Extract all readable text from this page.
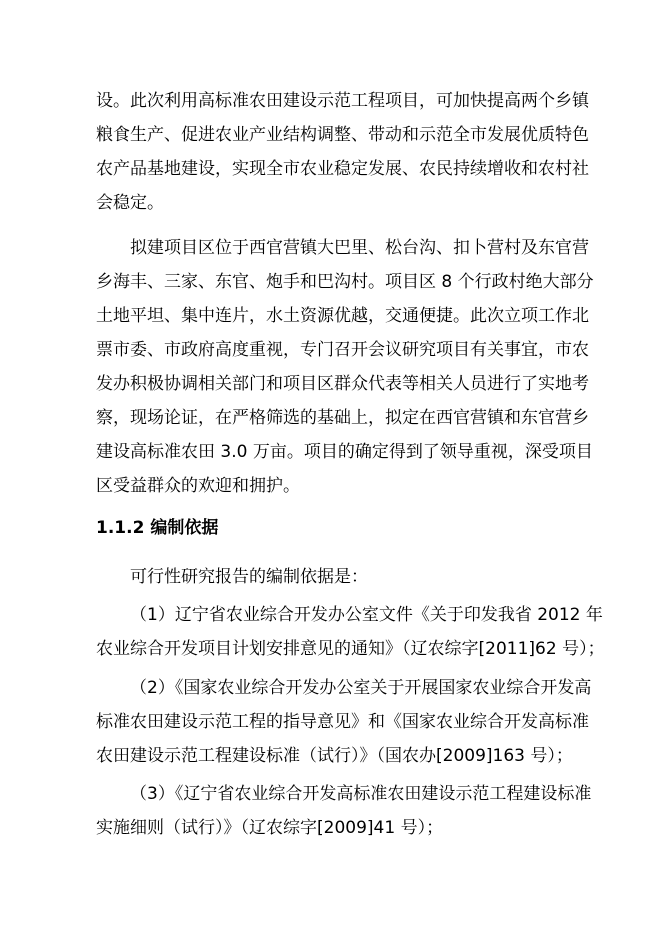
设。此次利用高标准农田建设示范工程项目，可加快提高两个乡镇
粮食生产、促进农业产业结构调整、带动和示范全市发展优质特色
农产品基地建设，实现全市农业稳定发展、农民持续增收和农村社
会稳定。
拟建项目区位于西官营镇大巴里、松台沟、扣卜营村及东官营
乡海丰、三家、东官、炮手和巴沟村。项目区 8 个行政村绝大部分
土地平坦、集中连片，水土资源优越，交通便捷。此次立项工作北
票市委、市政府高度重视，专门召开会议研究项目有关事宜，市农
发办积极协调相关部门和项目区群众代表等相关人员进行了实地考
察，现场论证，在严格筛选的基础上，拟定在西官营镇和东官营乡
建设高标准农田 3.0 万亩。项目的确定得到了领导重视，深受项目
区受益群众的欢迎和拥护。
1.1.2 编制依据
可行性研究报告的编制依据是：
（1）辽宁省农业综合开发办公室文件《关于印发我省 2012 年
农业综合开发项目计划安排意见的通知》（辽农综字[2011]62 号）；
（2）《国家农业综合开发办公室关于开展国家农业综合开发高
标准农田建设示范工程的指导意见》和《国家农业综合开发高标准
农田建设示范工程建设标准（试行）》（国农办[2009]163 号）；
（3）《辽宁省农业综合开发高标准农田建设示范工程建设标准
实施细则（试行）》（辽农综字[2009]41 号）；
